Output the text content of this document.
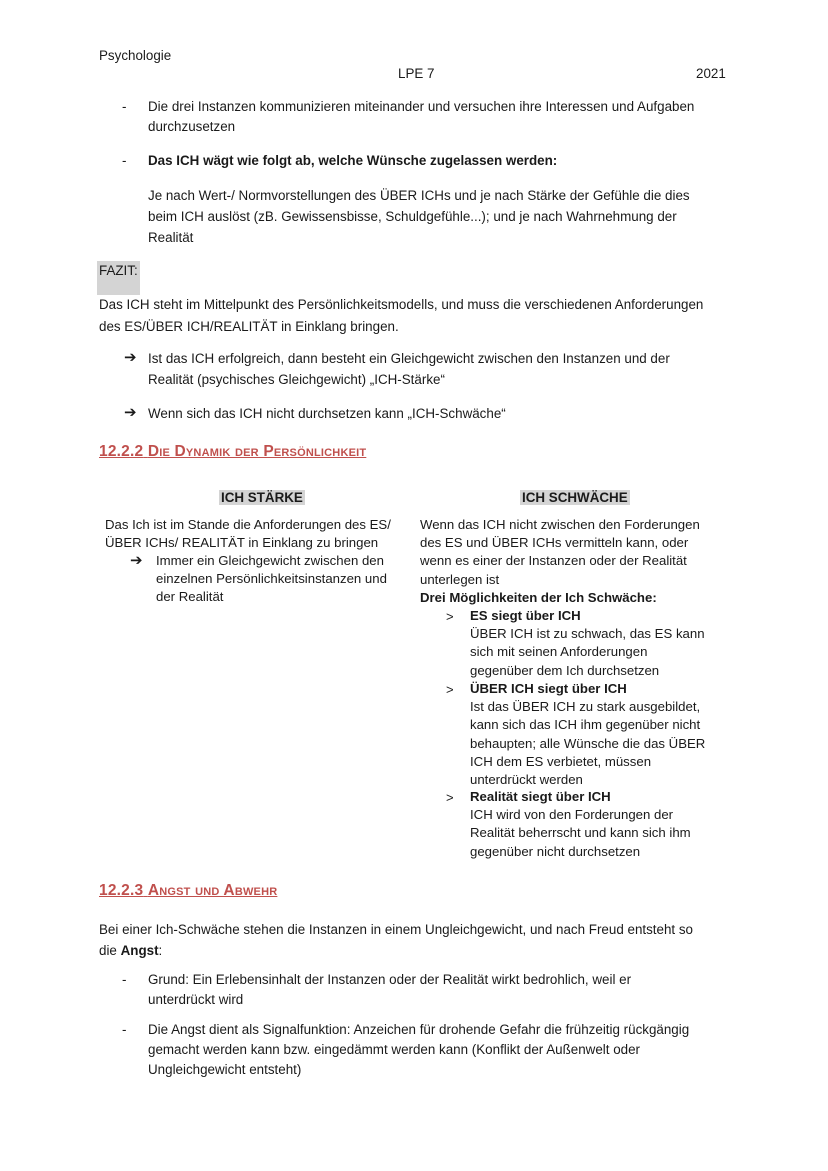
Psychologie
LPE 7	2021
- Die drei Instanzen kommunizieren miteinander und versuchen ihre Interessen und Aufgaben
durchzusetzen
- Das ICH wägt wie folgt ab, welche Wünsche zugelassen werden:
Je nach Wert-/ Normvorstellungen des ÜBER ICHs und je nach Stärke der Gefühle die dies
beim ICH auslöst (zB. Gewissensbisse, Schuldgefühle...); und je nach Wahrnehmung der
Realität
FAZIT:
Das ICH steht im Mittelpunkt des Persönlichkeitsmodells, und muss die verschiedenen Anforderungen
des ES/ÜBER ICH/REALITÄT in Einklang bringen.
➔ Ist das ICH erfolgreich, dann besteht ein Gleichgewicht zwischen den Instanzen und der
Realität (psychisches Gleichgewicht) „ICH-Stärke“
➔ Wenn sich das ICH nicht durchsetzen kann „ICH-Schwäche“
12.2.2 Die Dynamik der Persönlichkeit
ICH STÄRKE
Das Ich ist im Stande die Anforderungen des ES/
ÜBER ICHs/ REALITÄT in Einklang zu bringen
➔ Immer ein Gleichgewicht zwischen den
einzelnen Persönlichkeitsinstanzen und
der Realität
ICH SCHWÄCHE
Wenn das ICH nicht zwischen den Forderungen
des ES und ÜBER ICHs vermitteln kann, oder
wenn es einer der Instanzen oder der Realität
unterlegen ist
Drei Möglichkeiten der Ich Schwäche:
> ES siegt über ICH
ÜBER ICH ist zu schwach, das ES kann
sich mit seinen Anforderungen
gegenüber dem Ich durchsetzen
> ÜBER ICH siegt über ICH
Ist das ÜBER ICH zu stark ausgebildet,
kann sich das ICH ihm gegenüber nicht
behaupten; alle Wünsche die das ÜBER
ICH dem ES verbietet, müssen
unterdrückt werden
> Realität siegt über ICH
ICH wird von den Forderungen der
Realität beherrscht und kann sich ihm
gegenüber nicht durchsetzen
12.2.3 Angst und Abwehr
Bei einer Ich-Schwäche stehen die Instanzen in einem Ungleichgewicht, und nach Freud entsteht so
die Angst:
- Grund: Ein Erlebensinhalt der Instanzen oder der Realität wirkt bedrohlich, weil er
unterdrückt wird
- Die Angst dient als Signalfunktion: Anzeichen für drohende Gefahr die frühzeitig rückgängig
gemacht werden kann bzw. eingedämmt werden kann (Konflikt der Außenwelt oder
Ungleichgewicht entsteht)
